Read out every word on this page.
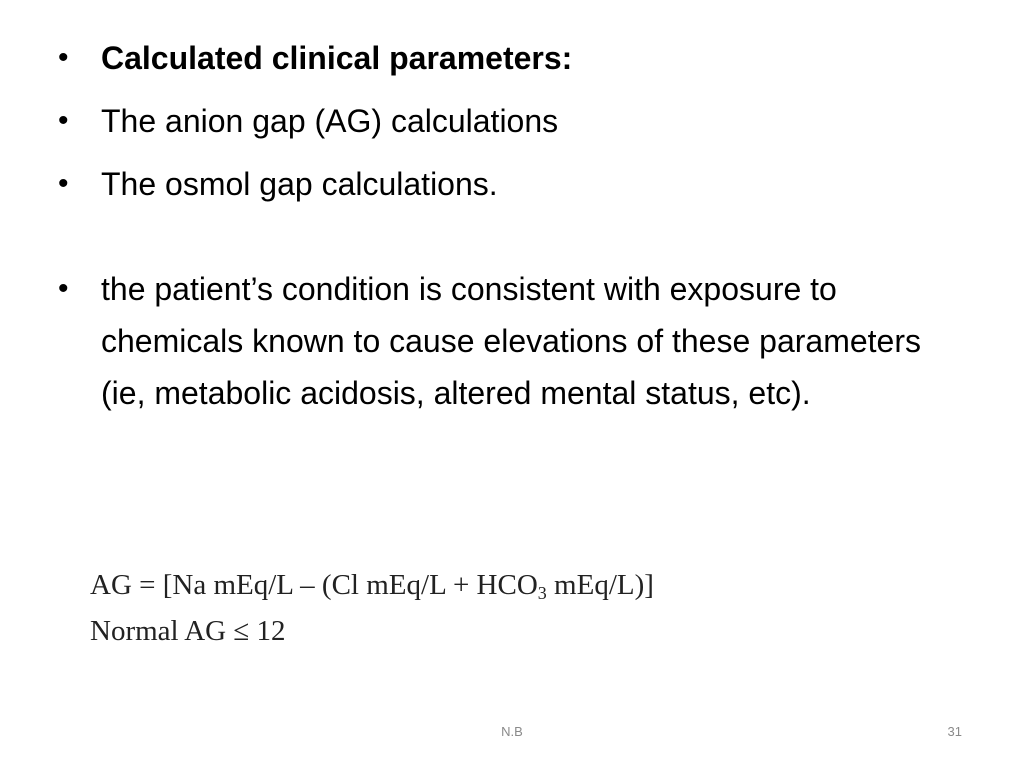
•	Calculated clinical parameters:
•	The anion gap (AG) calculations
•	The osmol gap calculations.
•	the patient’s condition is consistent with exposure to chemicals known to cause elevations of these parameters (ie, metabolic acidosis, altered mental status, etc).
AG = [Na mEq/L – (Cl $mEq/L + HCO_3$ mEq/L)]
Normal AG ≤ 12
N.B	31
